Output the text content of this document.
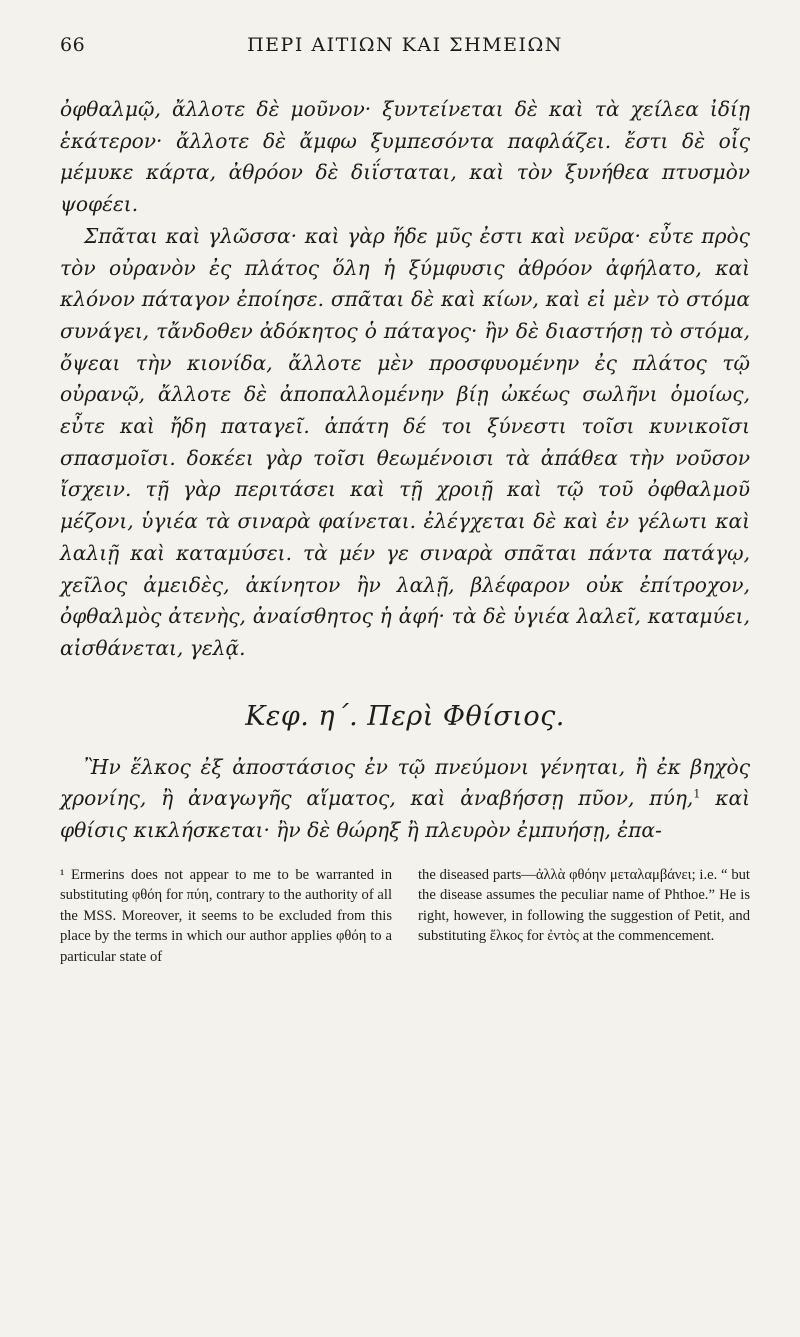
66	ΠΕΡΙ ΑΙΤΙΩΝ ΚΑΙ ΣΗΜΕΙΩΝ

ὀφθαλμῷ, ἄλλοτε δὲ μοῦνον· ξυντείνεται δὲ καὶ τὰ χείλεα ἰδίῃ ἑκάτερον· ἄλλοτε δὲ ἄμφω ξυμπεσόντα παφλάζει. ἔστι δὲ οἷς μέμυκε κάρτα, ἀθρόον δὲ διΐσταται, καὶ τὸν ξυνήθεα πτυσμὸν ψοφέει.

Σπᾶται καὶ γλῶσσα· καὶ γὰρ ἥδε μῦς ἐστι καὶ νεῦρα· εὖτε πρὸς τὸν οὐρανὸν ἐς πλάτος ὅλη ἡ ξύμφυσις ἀθρόον ἀφήλατο, καὶ κλόνον πάταγον ἐποίησε. σπᾶται δὲ καὶ κίων, καὶ εἰ μὲν τὸ στόμα συνάγει, τἄνδοθεν ἀδόκητος ὁ πάταγος· ἢν δὲ διαστήσῃ τὸ στόμα, ὄψεαι τὴν κιονίδα, ἄλλοτε μὲν προσφυομένην ἐς πλάτος τῷ οὐρανῷ, ἄλλοτε δὲ ἀποπαλλομένην βίῃ ὠκέως σωλῆνι ὁμοίως, εὖτε καὶ ἤδη παταγεῖ. ἀπάτη δέ τοι ξύνεστι τοῖσι κυνικοῖσι σπασμοῖσι. δοκέει γὰρ τοῖσι θεωμένοισι τὰ ἀπάθεα τὴν νοῦσον ἴσχειν. τῇ γὰρ περιτάσει καὶ τῇ χροιῇ καὶ τῷ τοῦ ὀφθαλμοῦ μέζονι, ὑγιέα τὰ σιναρὰ φαίνεται. ἐλέγχεται δὲ καὶ ἐν γέλωτι καὶ λαλιῇ καὶ καταμύσει. τὰ μέν γε σιναρὰ σπᾶται πάντα πατάγῳ, χεῖλος ἀμειδὲς, ἀκίνητον ἢν λαλῇ, βλέφαρον οὐκ ἐπίτροχον, ὀφθαλμὸς ἀτενὴς, ἀναίσθητος ἡ ἀφή· τὰ δὲ ὑγιέα λαλεῖ, καταμύει, αἰσθάνεται, γελᾷ.

Κεφ. η΄. Περὶ Φθίσιος.

Ἢν ἕλκος ἐξ ἀποστάσιος ἐν τῷ πνεύμονι γένηται, ἢ ἐκ βηχὸς χρονίης, ἢ ἀναγωγῆς αἵματος, καὶ ἀναβήσσῃ πῦον, πύη,$^1$ καὶ φθίσις κικλήσκεται· ἢν δὲ θώρηξ ἢ πλευρὸν ἐμπυήσῃ, ἐπα-

¹ Ermerins does not appear to me to be warranted in substituting φθόη for πύη, contrary to the authority of all the MSS. Moreover, it seems to be excluded from this place by the terms in which our author applies φθόη to a particular state of

the diseased parts—ἀλλὰ φθόην μεταλαμβάνει; i.e. “ but the disease assumes the peculiar name of Phthoe.” He is right, however, in following the suggestion of Petit, and substituting ἕλκος for ἐντὸς at the commencement.
